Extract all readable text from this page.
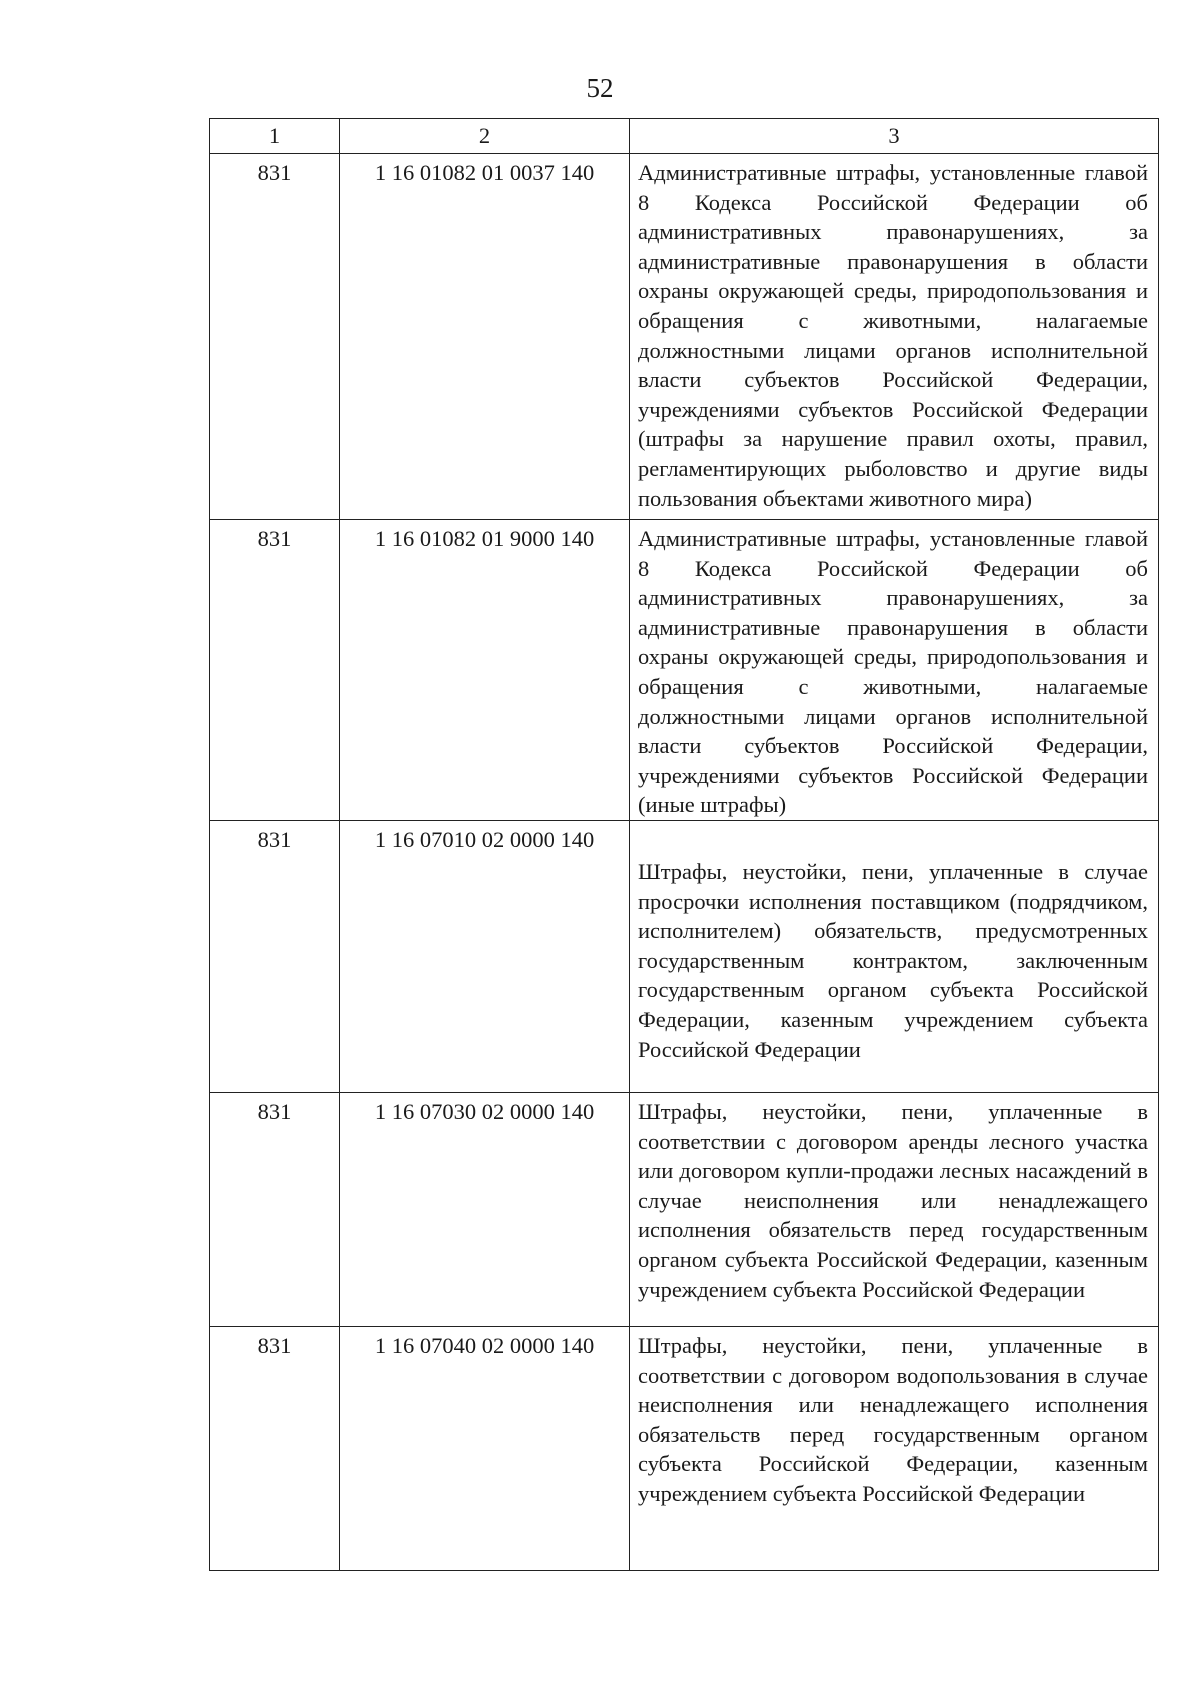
52
1	2	3
831	1 16 01082 01 0037 140	Административные штрафы, установленные главой 8 Кодекса Российской Федерации об административных правонарушениях, за административные правонарушения в области охраны окружающей среды, природопользования и обращения с животными, налагаемые должностными лицами органов исполнительной власти субъектов Российской Федерации, учреждениями субъектов Российской Федерации (штрафы за нарушение правил охоты, правил, регламентирующих рыболовство и другие виды пользования объектами животного мира)
831	1 16 01082 01 9000 140	Административные штрафы, установленные главой 8 Кодекса Российской Федерации об административных правонарушениях, за административные правонарушения в области охраны окружающей среды, природопользования и обращения с животными, налагаемые должностными лицами органов исполнительной власти субъектов Российской Федерации, учреждениями субъектов Российской Федерации (иные штрафы)
831	1 16 07010 02 0000 140	Штрафы, неустойки, пени, уплаченные в случае просрочки исполнения поставщиком (подрядчиком, исполнителем) обязательств, предусмотренных государственным контрактом, заключенным государственным органом субъекта Российской Федерации, казенным учреждением субъекта Российской Федерации
831	1 16 07030 02 0000 140	Штрафы, неустойки, пени, уплаченные в соответствии с договором аренды лесного участка или договором купли-продажи лесных насаждений в случае неисполнения или ненадлежащего исполнения обязательств перед государственным органом субъекта Российской Федерации, казенным учреждением субъекта Российской Федерации
831	1 16 07040 02 0000 140	Штрафы, неустойки, пени, уплаченные в соответствии с договором водопользования в случае неисполнения или ненадлежащего исполнения обязательств перед государственным органом субъекта Российской Федерации, казенным учреждением субъекта Российской Федерации
